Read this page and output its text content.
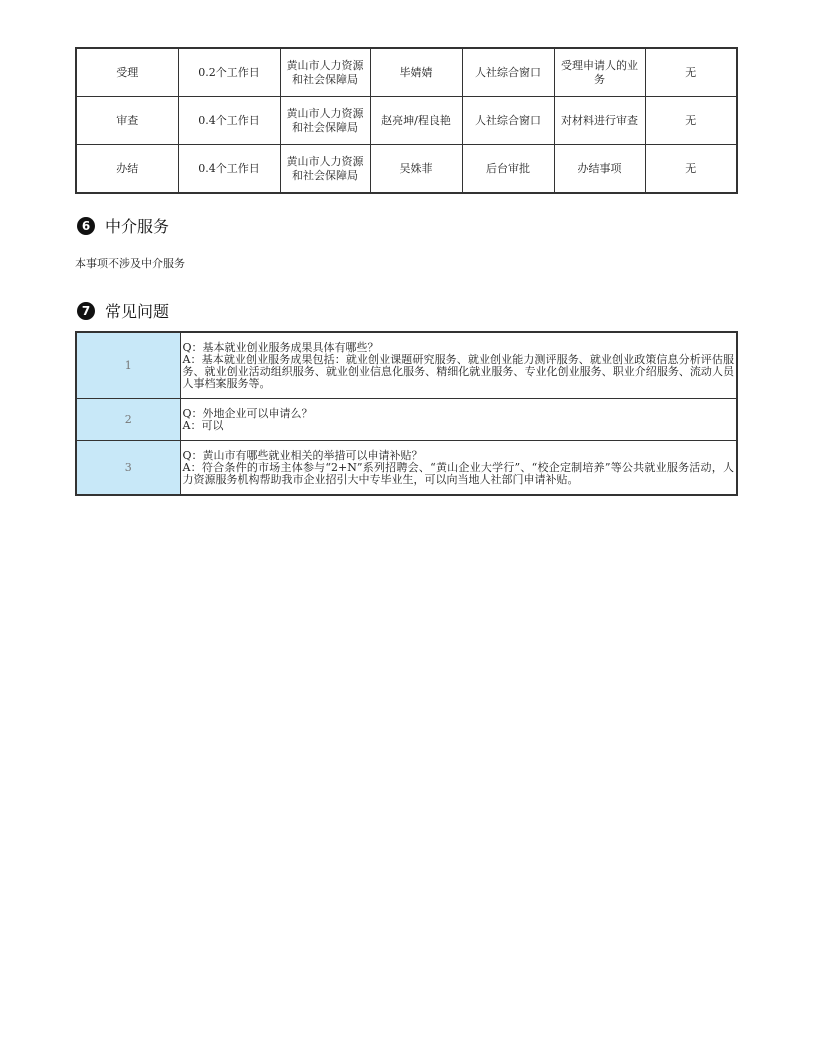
受理	0.2个工作日	黄山市人力资源和社会保障局	毕婧婧	人社综合窗口	受理申请人的业务	无
审查	0.4个工作日	黄山市人力资源和社会保障局	赵亮坤/程良艳	人社综合窗口	对材料进行审查	无
办结	0.4个工作日	黄山市人力资源和社会保障局	吴姝菲	后台审批	办结事项	无
6 中介服务
本事项不涉及中介服务
7 常见问题
1	Q：基本就业创业服务成果具体有哪些？
A：基本就业创业服务成果包括：就业创业课题研究服务、就业创业能力测评服务、就业创业政策信息分析评估服务、就业创业活动组织服务、就业创业信息化服务、精细化就业服务、专业化创业服务、职业介绍服务、流动人员人事档案服务等。

2	Q：外地企业可以申请么？
A：可以

3	Q：黄山市有哪些就业相关的举措可以申请补贴？
A：符合条件的市场主体参与“2+N”系列招聘会、“黄山企业大学行”、“校企定制培养”等公共就业服务活动，人力资源服务机构帮助我市企业招引大中专毕业生，可以向当地人社部门申请补贴。
